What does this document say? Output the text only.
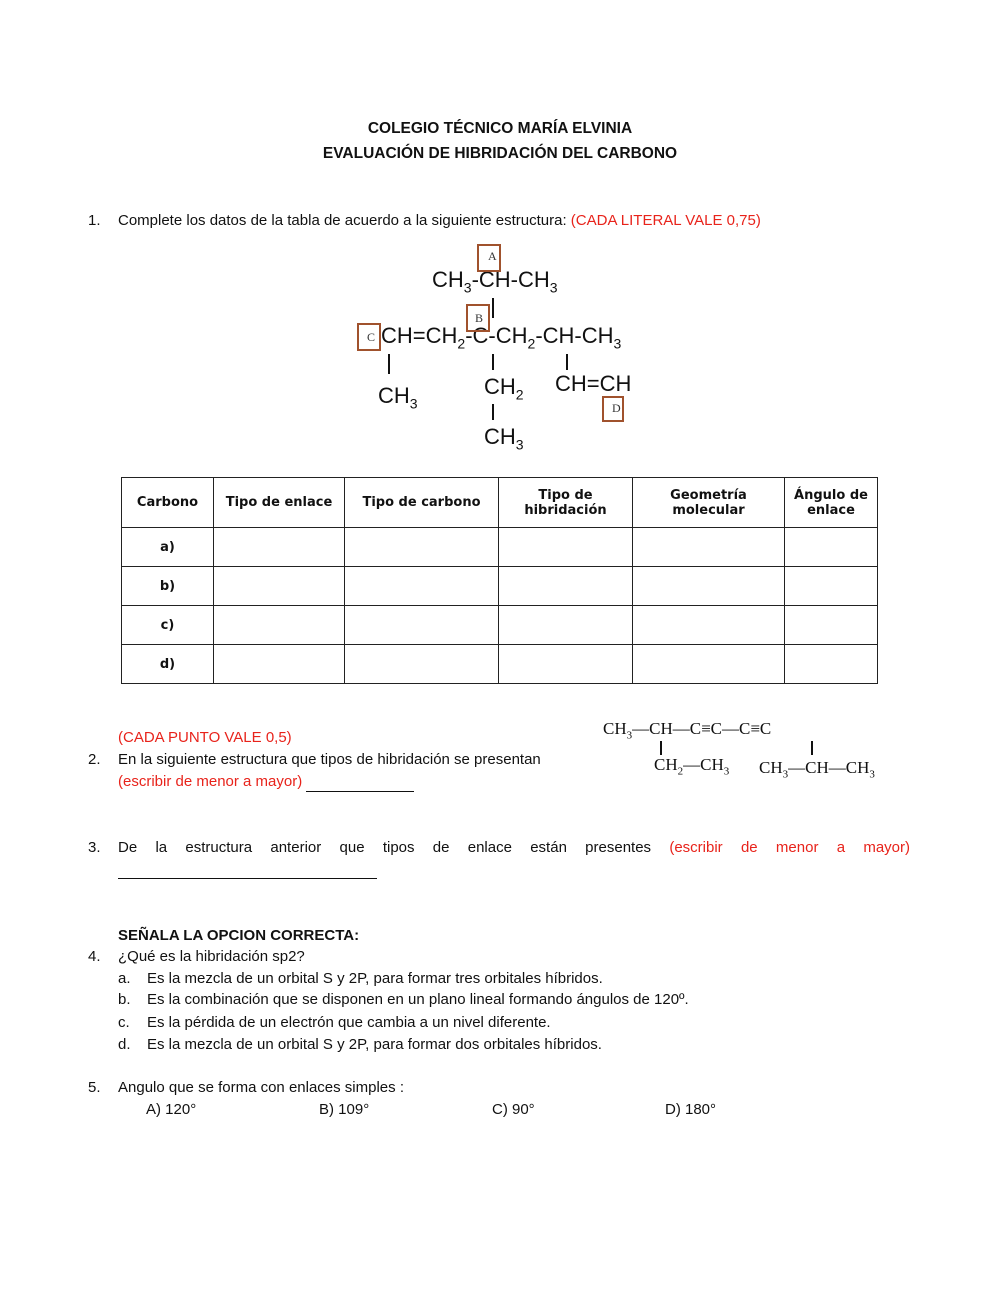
COLEGIO TÉCNICO MARÍA ELVINIA
EVALUACIÓN DE HIBRIDACIÓN DEL CARBONO
1. Complete los datos de la tabla de acuerdo a la siguiente estructura: (CADA LITERAL VALE 0,75)
$CH_3-CH-CH_3$
$CH=CH_2-C-CH_2-CH-CH_3$
$CH_3$
$CH_2$ CH=CH
$CH_3$
A
B
C
D
Carbono	Tipo de enlace	Tipo de carbono	Tipo de hibridación	Geometría molecular	Ángulo de enlace
a)					
b)					
c)					
d)					
(CADA PUNTO VALE 0,5)
2. En la siguiente estructura que tipos de hibridación se presentan
(escribir de menor a mayor)
$CH_3—CH—C\equiv C—C\equiv C$
$CH_2—CH_3$ $CH_3—CH—CH_3$
3. De la estructura anterior que tipos de enlace están presentes (escribir de menor a mayor)
SEÑALA LA OPCION CORRECTA:
4. ¿Qué es la hibridación sp2?
a. Es la mezcla de un orbital S y 2P, para formar tres orbitales híbridos.
b. Es la combinación que se disponen en un plano lineal formando ángulos de 120º.
c. Es la pérdida de un electrón que cambia a un nivel diferente.
d. Es la mezcla de un orbital S y 2P, para formar dos orbitales híbridos.
5. Angulo que se forma con enlaces simples :
A) 120°	B) 109°	C) 90°	D) 180°
